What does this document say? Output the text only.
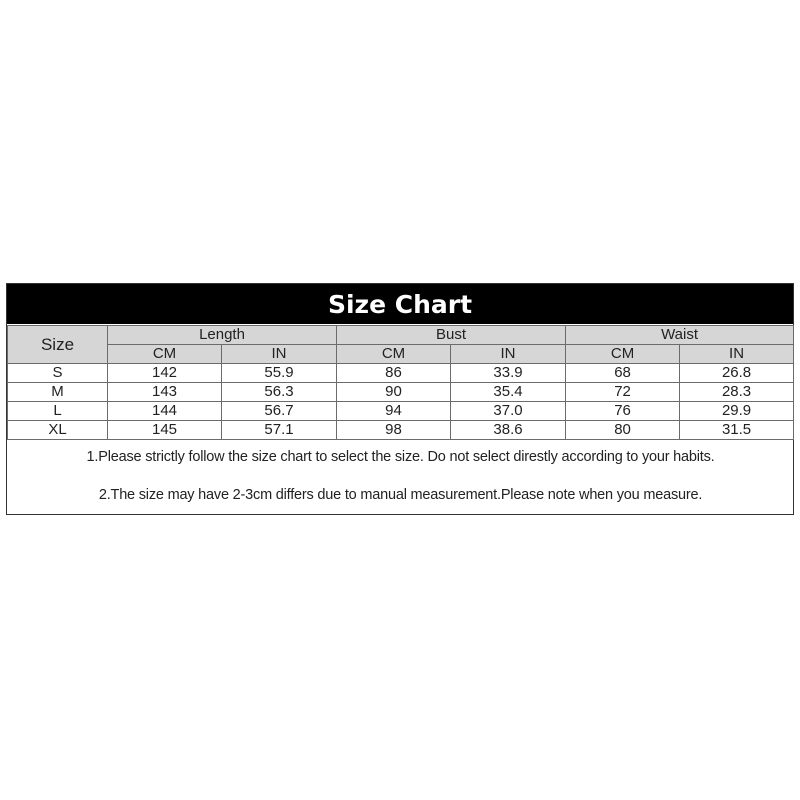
Size Chart
Size	Length		Bust		Waist	
	CM	IN	CM	IN	CM	IN
S	142	55.9	86	33.9	68	26.8
M	143	56.3	90	35.4	72	28.3
L	144	56.7	94	37.0	76	29.9
XL	145	57.1	98	38.6	80	31.5

1.Please strictly follow the size chart to select the size. Do not select direstly according to your habits.
2.The size may have 2-3cm differs due to manual measurement.Please note when you measure.						
